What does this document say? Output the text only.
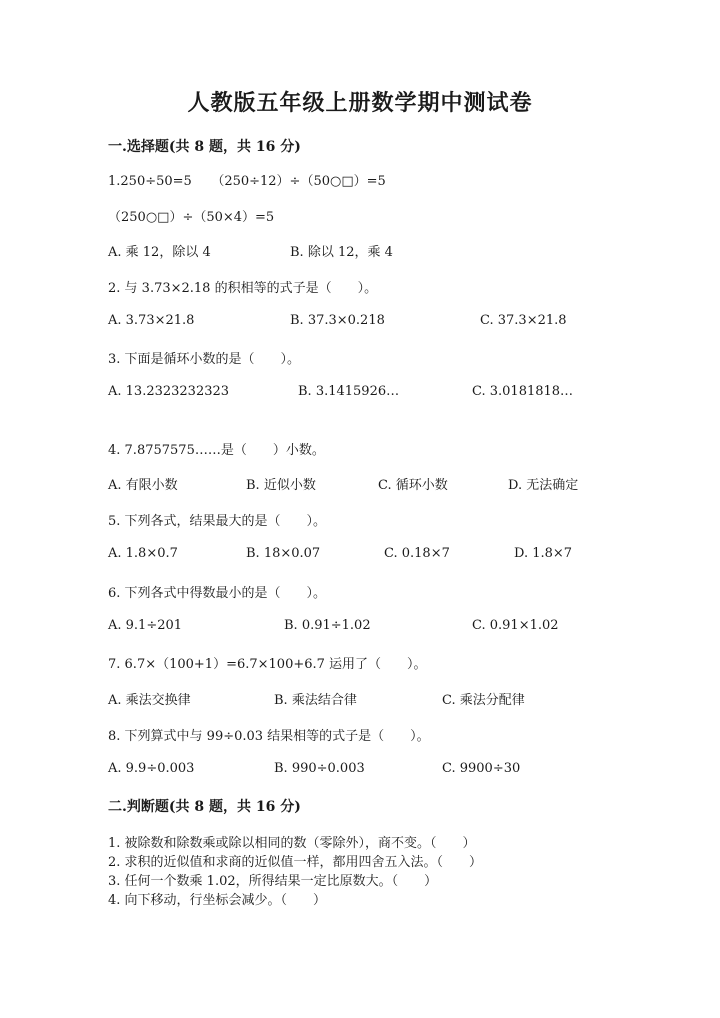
人教版五年级上册数学期中测试卷
一.选择题(共 8 题，共 16 分)
1.250÷50=5　　（250÷12）÷（50○□）=5
（250○□）÷（50×4）=5
A. 乘 12，除以 4	B. 除以 12，乘 4
2. 与 3.73×2.18 的积相等的式子是（　　）。
A. 3.73×21.8	B. 37.3×0.218	C. 37.3×21.8
3. 下面是循环小数的是（　　）。
A. 13.2323232323	B. 3.1415926…	C. 3.0181818…
4. 7.8757575……是（　　）小数。
A. 有限小数	B. 近似小数	C. 循环小数	D. 无法确定
5. 下列各式，结果最大的是（　　）。
A. 1.8×0.7	B. 18×0.07	C. 0.18×7	D. 1.8×7
6. 下列各式中得数最小的是（　　）。
A. 9.1÷201	B. 0.91÷1.02	C. 0.91×1.02
7. 6.7×（100+1）=6.7×100+6.7 运用了（　　）。
A. 乘法交换律	B. 乘法结合律	C. 乘法分配律
8. 下列算式中与 99÷0.03 结果相等的式子是（　　）。
A. 9.9÷0.003	B. 990÷0.003	C. 9900÷30
二.判断题(共 8 题，共 16 分)
1. 被除数和除数乘或除以相同的数（零除外），商不变。（　　）
2. 求积的近似值和求商的近似值一样，都用四舍五入法。（　　）
3. 任何一个数乘 1.02，所得结果一定比原数大。（　　）
4. 向下移动，行坐标会减少。（　　）
